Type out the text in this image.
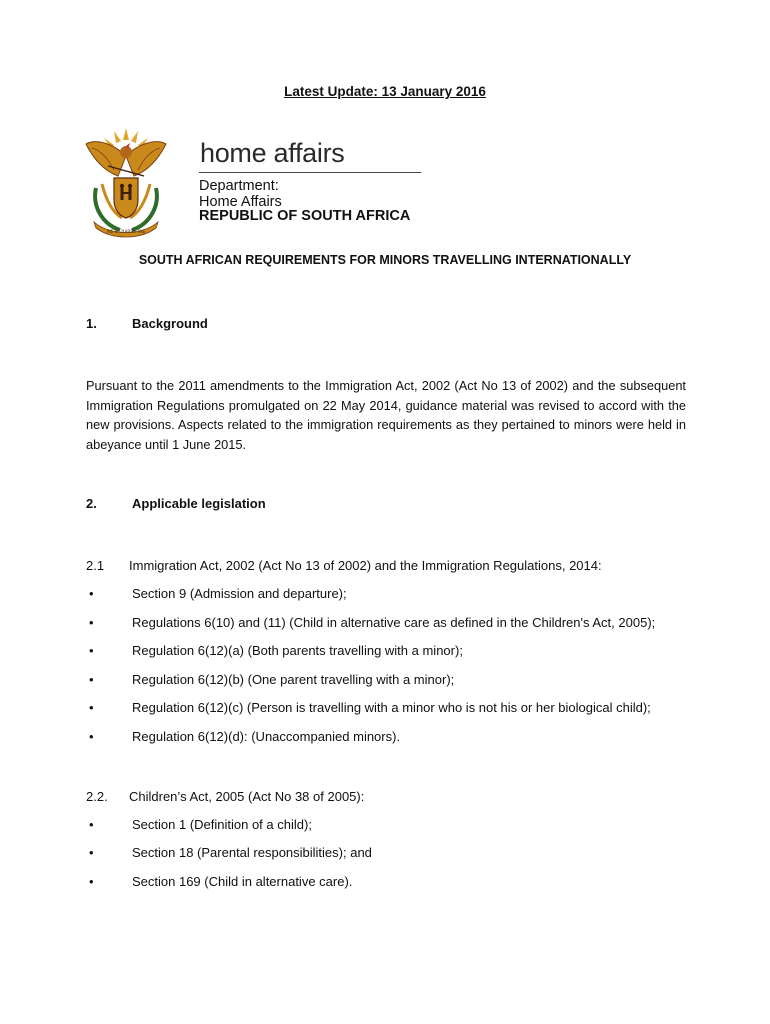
Latest Update: 13 January 2016
!KE E: /XARRA //KE
home affairs
Department:
Home Affairs
REPUBLIC OF SOUTH AFRICA
SOUTH AFRICAN REQUIREMENTS FOR MINORS TRAVELLING INTERNATIONALLY
1.	Background
Pursuant to the 2011 amendments to the Immigration Act, 2002 (Act No 13 of 2002) and the subsequent Immigration Regulations promulgated on 22 May 2014, guidance material was revised to accord with the new provisions. Aspects related to the immigration requirements as they pertained to minors were held in abeyance until 1 June 2015.
2.	Applicable legislation
2.1 Immigration Act, 2002 (Act No 13 of 2002) and the Immigration Regulations, 2014:
•	Section 9 (Admission and departure);
•	Regulations 6(10) and (11) (Child in alternative care as defined in the Children's Act, 2005);
•	Regulation 6(12)(a) (Both parents travelling with a minor);
•	Regulation 6(12)(b) (One parent travelling with a minor);
•	Regulation 6(12)(c) (Person is travelling with a minor who is not his or her biological child);
•	Regulation 6(12)(d): (Unaccompanied minors).
2.2. Children’s Act, 2005 (Act No 38 of 2005):
•	Section 1 (Definition of a child);
•	Section 18 (Parental responsibilities); and
•	Section 169 (Child in alternative care).
